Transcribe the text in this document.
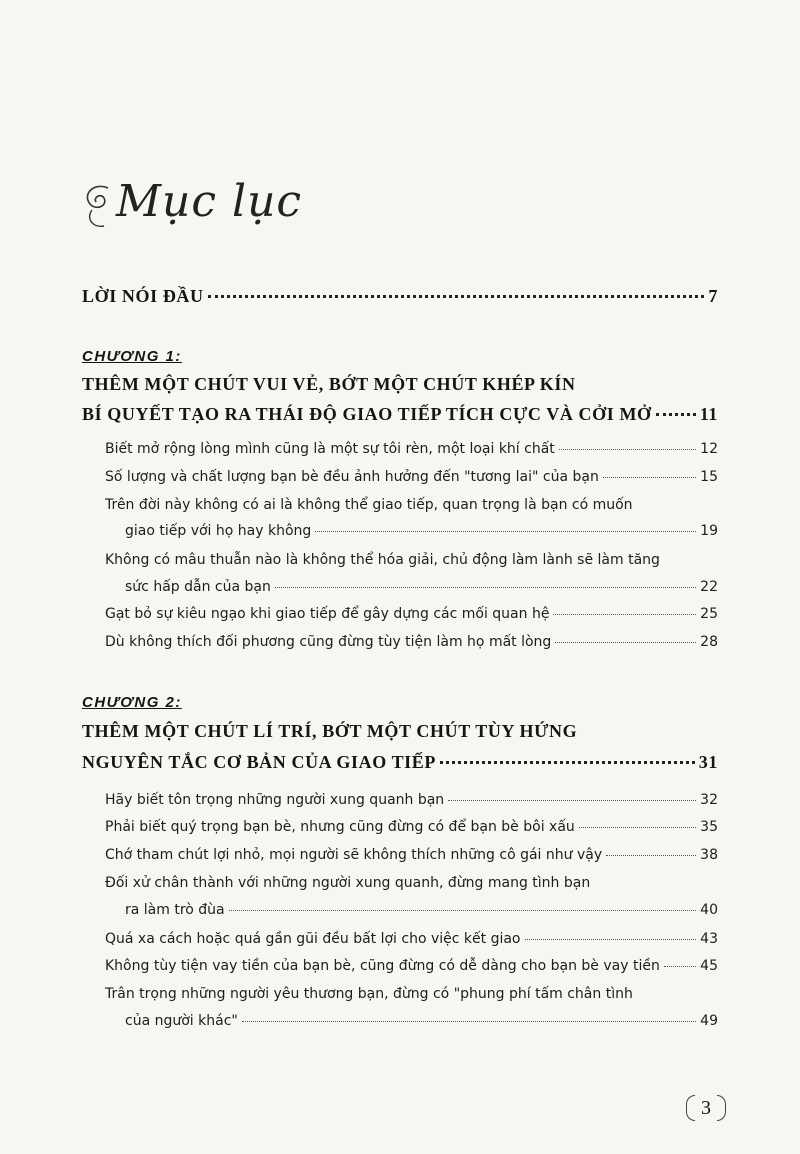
Mục lục
LỜI NÓI ĐẦU	7
CHƯƠNG 1:
THÊM MỘT CHÚT VUI VẺ, BỚT MỘT CHÚT KHÉP KÍN
BÍ QUYẾT TẠO RA THÁI ĐỘ GIAO TIẾP TÍCH CỰC VÀ CỞI MỞ	11
Biết mở rộng lòng mình cũng là một sự tôi rèn, một loại khí chất	12
Số lượng và chất lượng bạn bè đều ảnh hưởng đến "tương lai" của bạn	15
Trên đời này không có ai là không thể giao tiếp, quan trọng là bạn có muốn
giao tiếp với họ hay không	19
Không có mâu thuẫn nào là không thể hóa giải, chủ động làm lành sẽ làm tăng
sức hấp dẫn của bạn	22
Gạt bỏ sự kiêu ngạo khi giao tiếp để gây dựng các mối quan hệ	25
Dù không thích đối phương cũng đừng tùy tiện làm họ mất lòng	28
CHƯƠNG 2:
THÊM MỘT CHÚT LÍ TRÍ, BỚT MỘT CHÚT TÙY HỨNG
NGUYÊN TẮC CƠ BẢN CỦA GIAO TIẾP	31
Hãy biết tôn trọng những người xung quanh bạn	32
Phải biết quý trọng bạn bè, nhưng cũng đừng có để bạn bè bôi xấu	35
Chớ tham chút lợi nhỏ, mọi người sẽ không thích những cô gái như vậy	38
Đối xử chân thành với những người xung quanh, đừng mang tình bạn
ra làm trò đùa	40
Quá xa cách hoặc quá gần gũi đều bất lợi cho việc kết giao	43
Không tùy tiện vay tiền của bạn bè, cũng đừng có dễ dàng cho bạn bè vay tiền	45
Trân trọng những người yêu thương bạn, đừng có "phung phí tấm chân tình
của người khác"	49
3
